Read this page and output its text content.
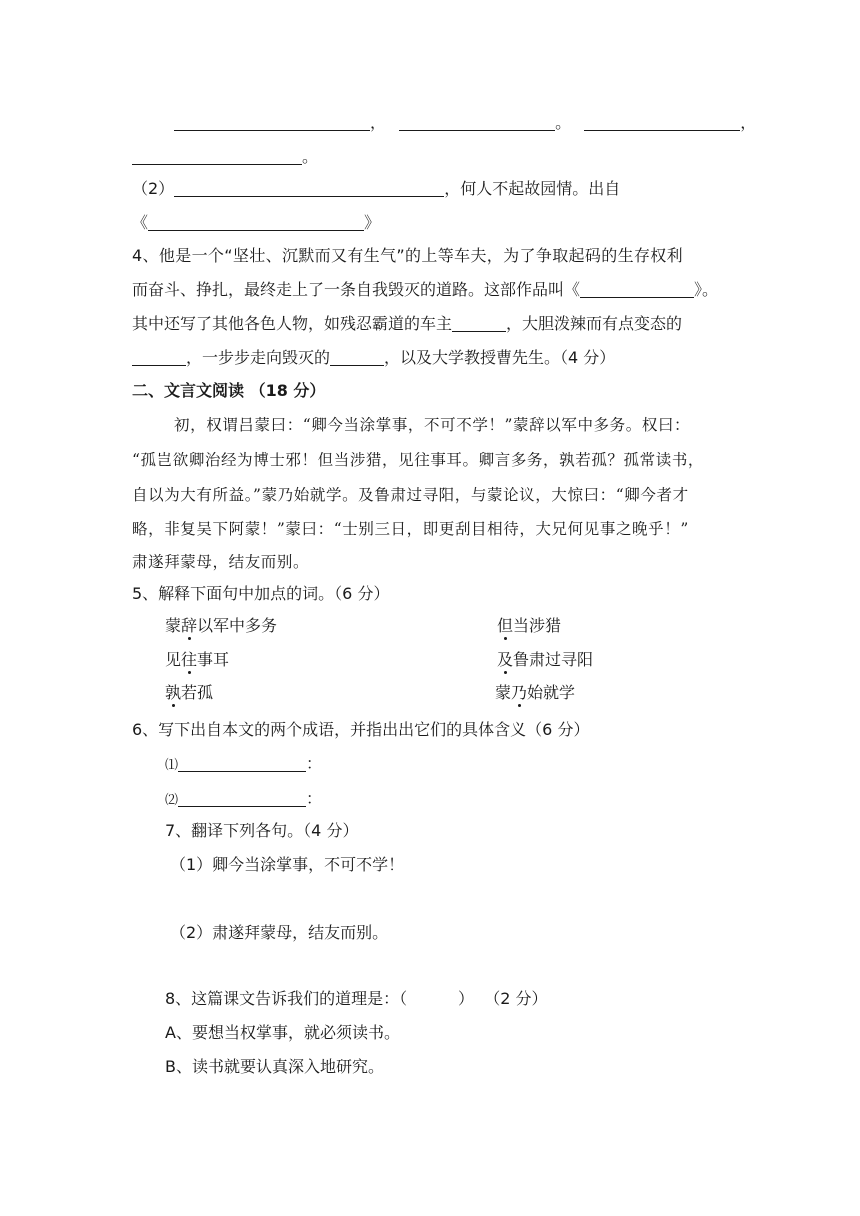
，	。	，
。
（2）	，何人不起故园情。出自
《	》
4、他是一个“坚壮、沉默而又有生气”的上等车夫，为了争取起码的生存权利
而奋斗、挣扎，最终走上了一条自我毁灭的道路。这部作品叫《	》。
其中还写了其他各色人物，如残忍霸道的车主	，大胆泼辣而有点变态的
，一步步走向毁灭的	，以及大学教授曹先生。（4 分）
二、文言文阅读 （18 分）
初，权谓吕蒙曰：“卿今当涂掌事，不可不学！”蒙辞以军中多务。权曰：
“孤岂欲卿治经为博士邪！但当涉猎，见往事耳。卿言多务，孰若孤？孤常读书，
自以为大有所益。”蒙乃始就学。及鲁肃过寻阳，与蒙论议，大惊曰：“卿今者才
略，非复吴下阿蒙！”蒙曰：“士别三日，即更刮目相待，大兄何见事之晚乎！”
肃遂拜蒙母，结友而别。
5、解释下面句中加点的词。（6 分）
蒙辞以军中多务	但当涉猎
见往事耳	及鲁肃过寻阳
孰若孤	蒙乃始就学
6、写下出自本文的两个成语，并指出出它们的具体含义（6 分）
⑴	：
⑵	：
7、翻译下列各句。（4 分）
（1）卿今当涂掌事，不可不学！
（2）肃遂拜蒙母，结友而别。
8、这篇课文告诉我们的道理是：（          ）  （2 分）
A、要想当权掌事，就必须读书。
B、读书就要认真深入地研究。
